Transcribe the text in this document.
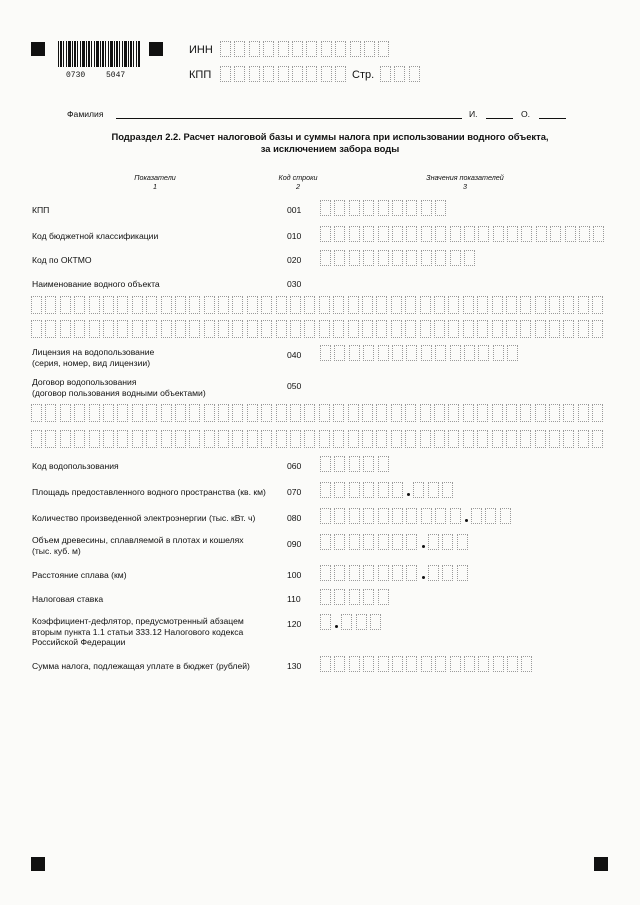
0730	5047
ИНН
КПП	Стр.
Фамилия	И.	О.
Подраздел 2.2. Расчет налоговой базы и суммы налога при использовании водного объекта,
за исключением забора воды
Показатели
1
Код строки
2
Значения показателей
3
КПП	001
Код бюджетной классификации	010
Код по ОКТМО	020
Наименование водного объекта	030
Лицензия на водопользование
(серия, номер, вид лицензии)
040
Договор водопользования
(договор пользования водными объектами)
050
Код водопользования	060
Площадь предоставленного водного пространства (кв. км) 070
Количество произведенной электроэнергии (тыс. кВт. ч)	080
Объем древесины, сплавляемой в плотах и кошелях
(тыс. куб. м)
090
Расстояние сплава (км)	100
Налоговая ставка	110
Коэффициент-дефлятор, предусмотренный абзацем
вторым пункта 1.1 статьи 333.12 Налогового кодекса
Российской Федерации
120
Сумма налога, подлежащая уплате в бюджет (рублей)	130
